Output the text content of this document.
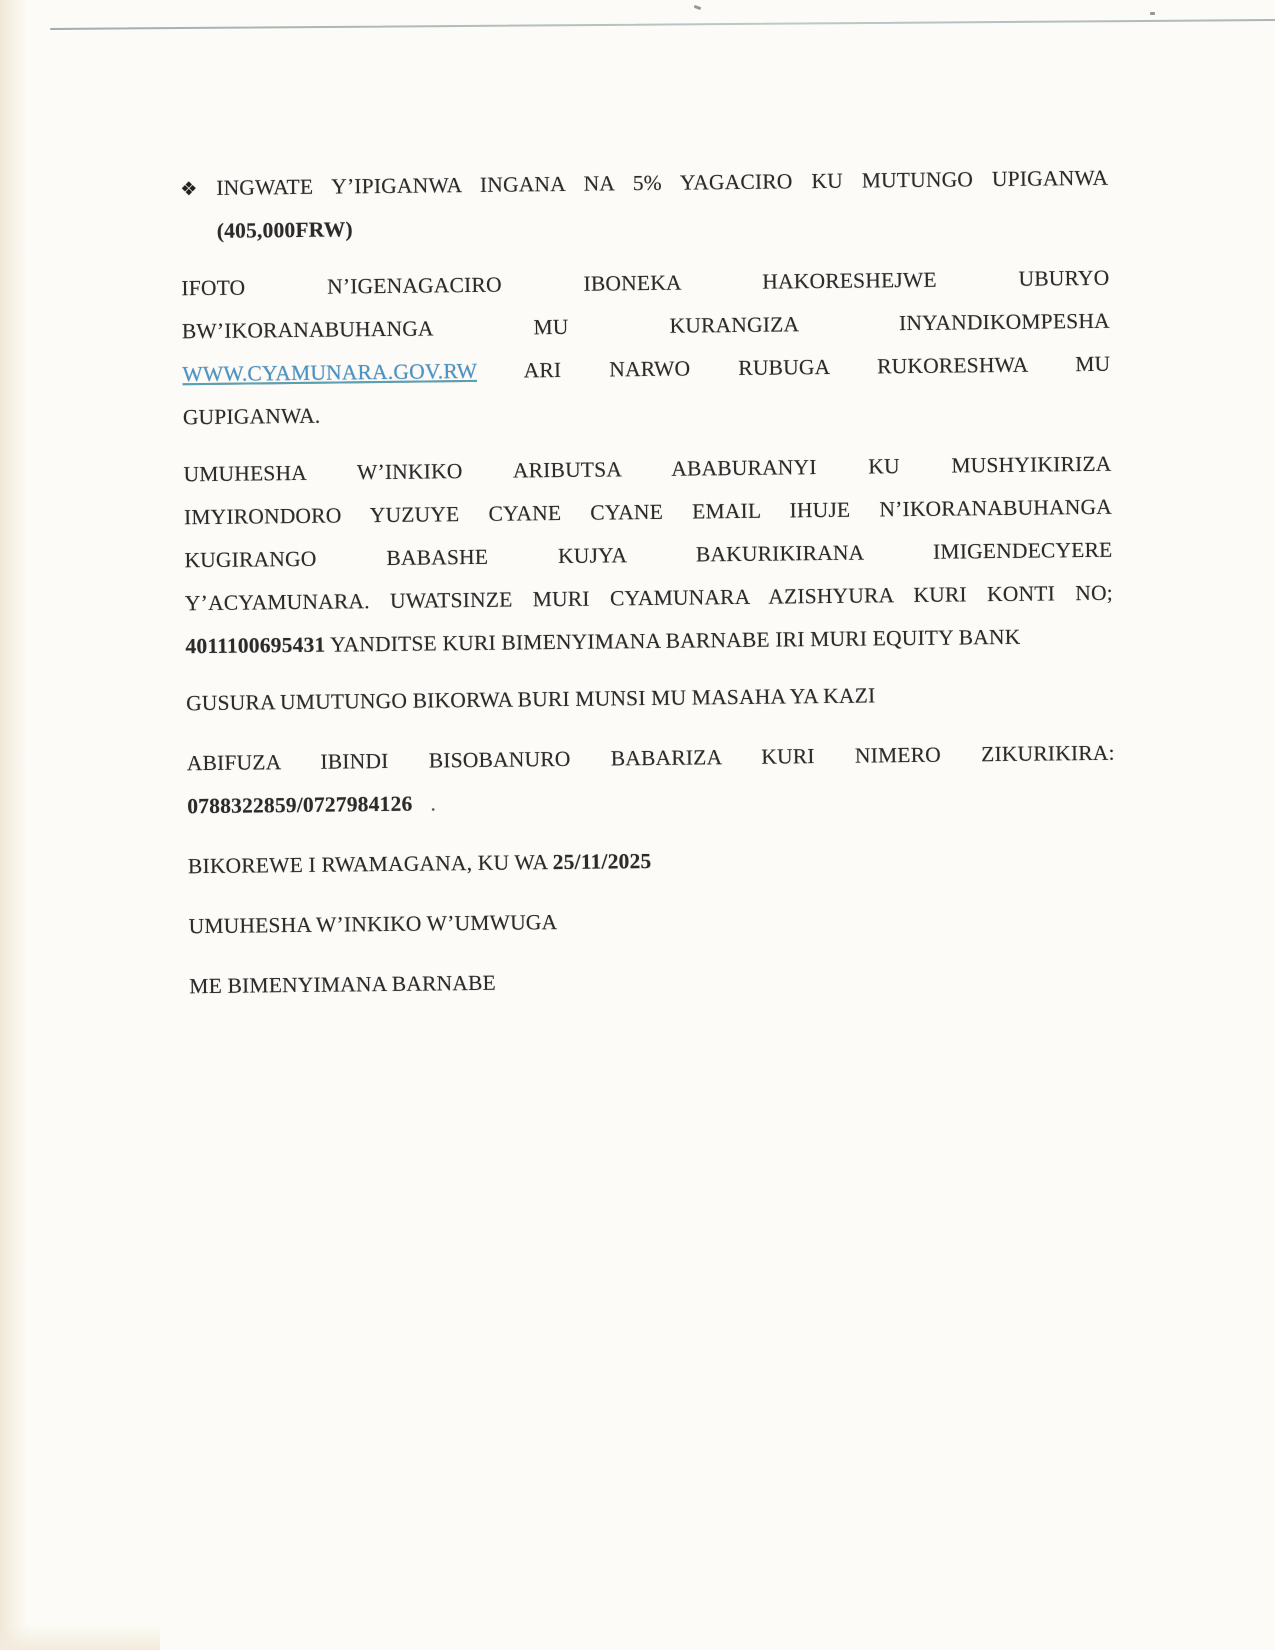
❖ INGWATE Y’IPIGANWA INGANA NA 5% YAGACIRO KU MUTUNGO UPIGANWA
(405,000FRW)
IFOTO N’IGENAGACIRO IBONEKA HAKORESHEJWE UBURYO
BW’IKORANABUHANGA MU KURANGIZA INYANDIKOMPESHA
WWW.CYAMUNARA.GOV.RW ARI NARWO RUBUGA RUKORESHWA MU
GUPIGANWA.
UMUHESHA W’INKIKO ARIBUTSA ABABURANYI KU MUSHYIKIRIZA
IMYIRONDORO YUZUYE CYANE CYANE EMAIL IHUJE N’IKORANABUHANGA
KUGIRANGO BABASHE KUJYA BAKURIKIRANA IMIGENDECYERE
Y’ACYAMUNARA. UWATSINZE MURI CYAMUNARA AZISHYURA KURI KONTI NO;
4011100695431 YANDITSE KURI BIMENYIMANA BARNABE IRI MURI EQUITY BANK
GUSURA UMUTUNGO BIKORWA BURI MUNSI MU MASAHA YA KAZI
ABIFUZA IBINDI BISOBANURO BABARIZA KURI NIMERO ZIKURIKIRA:
0788322859/0727984126 .
BIKOREWE I RWAMAGANA, KU WA 25/11/2025
UMUHESHA W’INKIKO W’UMWUGA
ME BIMENYIMANA BARNABE
